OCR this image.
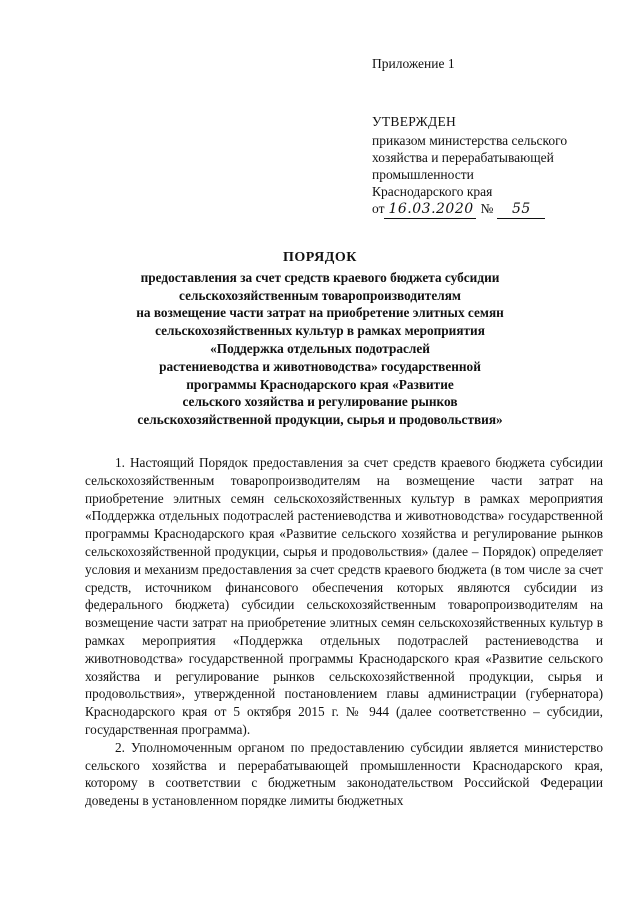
Приложение 1
УТВЕРЖДЕН
приказом министерства сельского
хозяйства и перерабатывающей
промышленности
Краснодарского края
от 16.03.2020 №	55
ПОРЯДОК
предоставления за счет средств краевого бюджета субсидии
сельскохозяйственным товаропроизводителям
на возмещение части затрат на приобретение элитных семян
сельскохозяйственных культур в рамках мероприятия
«Поддержка отдельных подотраслей
растениеводства и животноводства» государственной
программы Краснодарского края «Развитие
сельского хозяйства и регулирование рынков
сельскохозяйственной продукции, сырья и продовольствия»

1. Настоящий Порядок предоставления за счет средств краевого бюджета субсидии сельскохозяйственным товаропроизводителям на возмещение части затрат на приобретение элитных семян сельскохозяйственных культур в рамках мероприятия «Поддержка отдельных подотраслей растениеводства и животноводства» государственной программы Краснодарского края «Развитие сельского хозяйства и регулирование рынков сельскохозяйственной продукции, сырья и продовольствия» (далее – Порядок) определяет условия и механизм предоставления за счет средств краевого бюджета (в том числе за счет средств, источником финансового обеспечения которых являются субсидии из федерального бюджета) субсидии сельскохозяйственным товаропроизводителям на возмещение части затрат на приобретение элитных семян сельскохозяйственных культур в рамках мероприятия «Поддержка отдельных подотраслей растениеводства и животноводства» государственной программы Краснодарского края «Развитие сельского хозяйства и регулирование рынков сельскохозяйственной продукции, сырья и продовольствия», утвержденной постановлением главы администрации (губернатора) Краснодарского края от 5 октября 2015 г. № 944 (далее соответственно – субсидии, государственная программа).

2. Уполномоченным органом по предоставлению субсидии является министерство сельского хозяйства и перерабатывающей промышленности Краснодарского края, которому в соответствии с бюджетным законодательством Российской Федерации доведены в установленном порядке лимиты бюджетных
